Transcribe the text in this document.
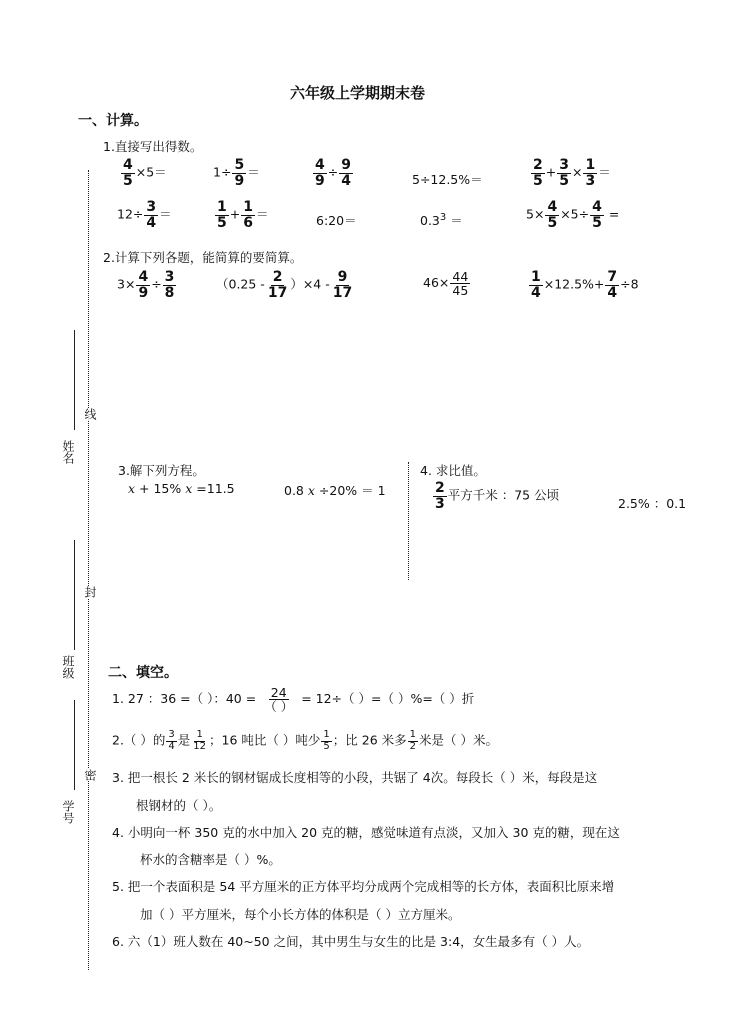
姓名
班级
学号
线
封
密
六年级上学期期末卷
一、计算。
1.直接写出得数。
$\frac{4}{5} \times 5=$	$1\div \frac{5}{9}$ ＝	$\frac{4}{9} \div \frac{9}{4}$	5÷12.5%＝	$\frac{2}{5} + \frac{3}{5} \times \frac{1}{3}$ ＝
$12\div \frac{3}{4}$ ＝	$\frac{1}{5} + \frac{1}{6}$ ＝	6:20＝	$0.3^3$ ＝	$5\times \frac{4}{5} \times 5\div \frac{4}{5}$ =
2.计算下列各题，能简算的要简算。
$3\times \frac{4}{9} \div \frac{3}{8}$	$(0.25 - \frac{2}{17} )\times 4 - \frac{9}{17}$	$46\times \frac{44}{45}$	$\frac{1}{4} \times 12.5\%+ \frac{7}{4} \div 8$
3.解下列方程。
x + 15% x =11.5	0.8 x ÷20% ＝ 1
4. 求比值。
$\frac{2}{3}$ 平方千米 ：75 公顷
2.5% ：0.1
二、填空。
1. 27 ：36 =（ ）：$40 = \frac{24}{( )} = 12\div$（ ）=（ ）%=（ ）折
2.（ ）的 $\frac{3}{4}$ 是 $\frac{1}{12}$ ；16 吨比（ ）吨少 $\frac{1}{5}$ ；比 26 米多 $\frac{1}{2}$ 米是（ ）米。
3. 把一根长 2 米长的钢材锯成长度相等的小段，共锯了 4次。每段长（ ）米，每段是这
根钢材的（ ）。
4. 小明向一杯 350 克的水中加入 20 克的糖，感觉味道有点淡，又加入 30 克的糖，现在这
杯水的含糖率是（ ）%。
5. 把一个表面积是 54 平方厘米的正方体平均分成两个完成相等的长方体，表面积比原来增
加（ ）平方厘米，每个小长方体的体积是（ ）立方厘米。
6. 六（1）班人数在 40~50 之间，其中男生与女生的比是 3:4，女生最多有（ ）人。
